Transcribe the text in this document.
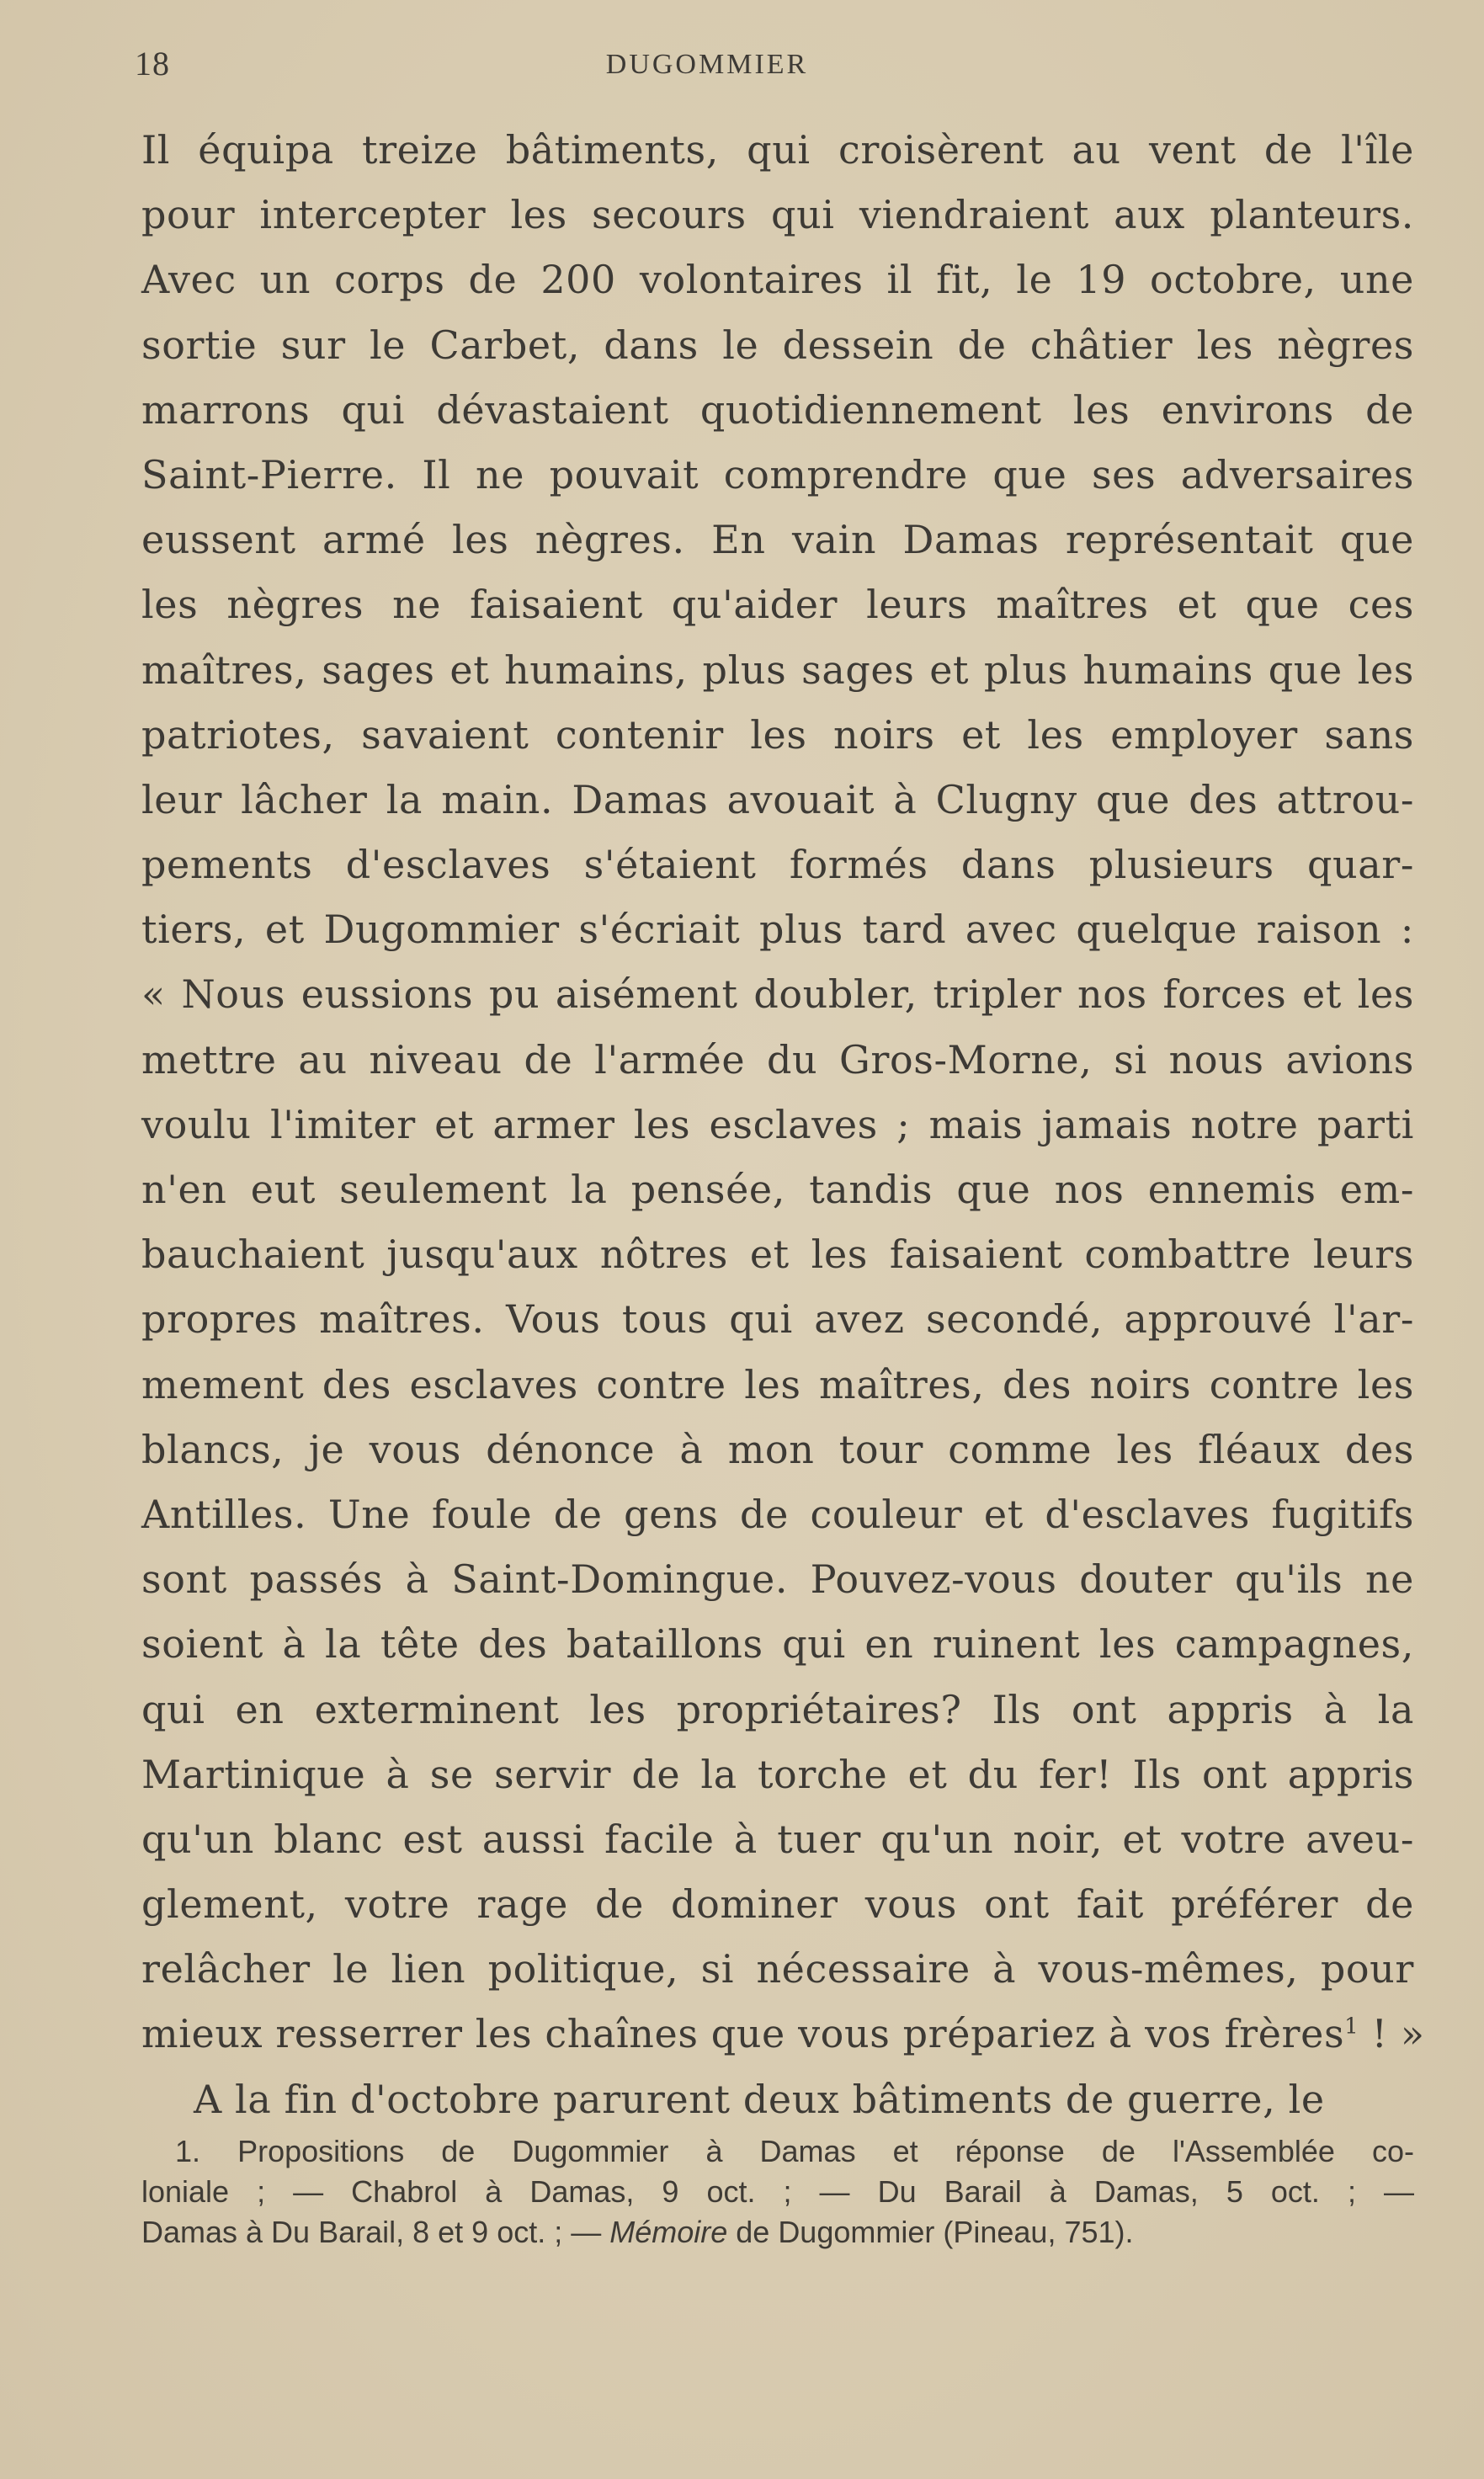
18	DUGOMMIER
Il équipa treize bâtiments, qui croisèrent au vent de l'île
pour intercepter les secours qui viendraient aux planteurs.
Avec un corps de 200 volontaires il fit, le 19 octobre, une
sortie sur le Carbet, dans le dessein de châtier les nègres
marrons qui dévastaient quotidiennement les environs de
Saint-Pierre. Il ne pouvait comprendre que ses adversaires
eussent armé les nègres. En vain Damas représentait que
les nègres ne faisaient qu'aider leurs maîtres et que ces
maîtres, sages et humains, plus sages et plus humains que les
patriotes, savaient contenir les noirs et les employer sans
leur lâcher la main. Damas avouait à Clugny que des attrou-
pements d'esclaves s'étaient formés dans plusieurs quar-
tiers, et Dugommier s'écriait plus tard avec quelque raison :
« Nous eussions pu aisément doubler, tripler nos forces et les
mettre au niveau de l'armée du Gros-Morne, si nous avions
voulu l'imiter et armer les esclaves ; mais jamais notre parti
n'en eut seulement la pensée, tandis que nos ennemis em-
bauchaient jusqu'aux nôtres et les faisaient combattre leurs
propres maîtres. Vous tous qui avez secondé, approuvé l'ar-
mement des esclaves contre les maîtres, des noirs contre les
blancs, je vous dénonce à mon tour comme les fléaux des
Antilles. Une foule de gens de couleur et d'esclaves fugitifs
sont passés à Saint-Domingue. Pouvez-vous douter qu'ils ne
soient à la tête des bataillons qui en ruinent les campagnes,
qui en exterminent les propriétaires? Ils ont appris à la
Martinique à se servir de la torche et du fer! Ils ont appris
qu'un blanc est aussi facile à tuer qu'un noir, et votre aveu-
glement, votre rage de dominer vous ont fait préférer de
relâcher le lien politique, si nécessaire à vous-mêmes, pour
mieux resserrer les chaînes que vous prépariez à vos frères$^1$ ! »
A la fin d'octobre parurent deux bâtiments de guerre, le
1. Propositions de Dugommier à Damas et réponse de l'Assemblée co-
loniale ; — Chabrol à Damas, 9 oct. ; — Du Barail à Damas, 5 oct. ; —
Damas à Du Barail, 8 et 9 oct. ; — Mémoire de Dugommier (Pineau, 751).
